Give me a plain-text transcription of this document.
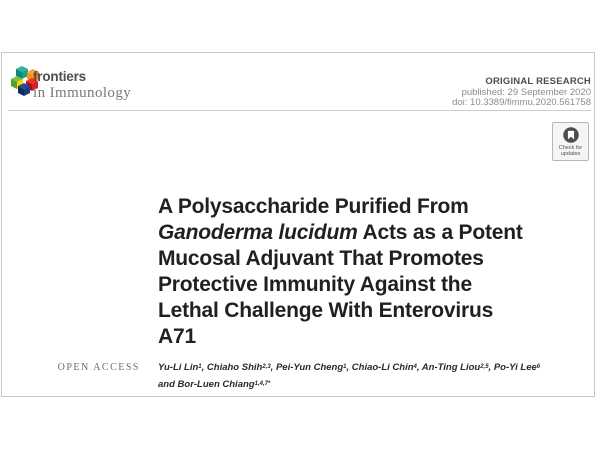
frontiers
in Immunology
ORIGINAL RESEARCH
published: 29 September 2020
doi: 10.3389/fimmu.2020.561758
Check for
updates
A Polysaccharide Purified From
Ganoderma lucidum Acts as a Potent
Mucosal Adjuvant That Promotes
Protective Immunity Against the
Lethal Challenge With Enterovirus
A71
OPEN ACCESS Yu-Li Lin$^1$, Chiaho Shih$^{2,3}$, Pei-Yun Cheng$^1$, Chiao-Li Chin$^4$, An-Ting Liou$^{2,5}$, Po-Yi Lee$^6$
and Bor-Luen Chiang$^{1,4,7*}$
